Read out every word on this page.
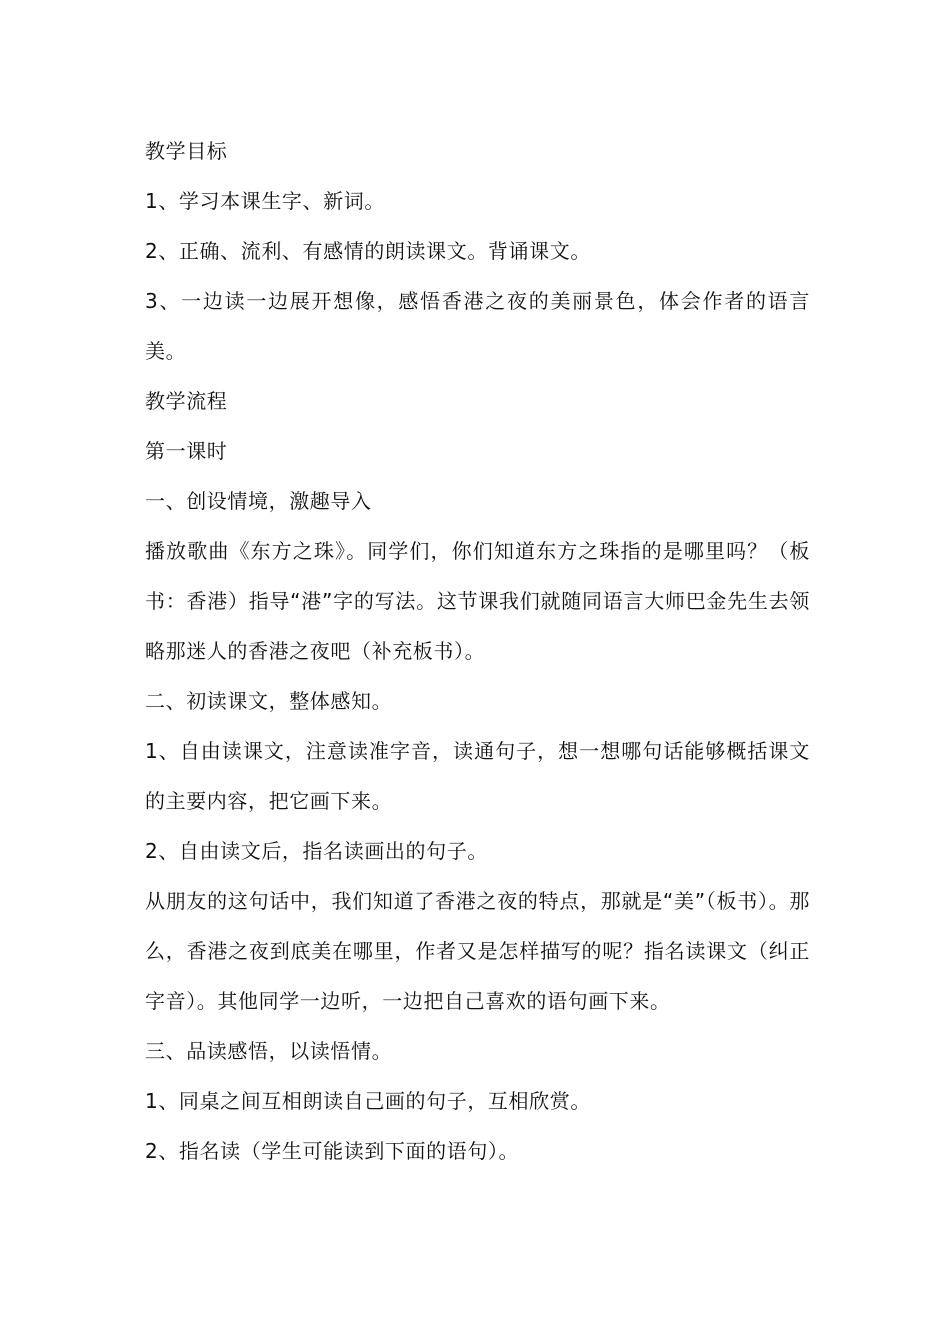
教学目标

1、学习本课生字、新词。

2、正确、流利、有感情的朗读课文。背诵课文。

3、一边读一边展开想像，感悟香港之夜的美丽景色，体会作者的语言美。

教学流程

第一课时

一、创设情境，激趣导入

播放歌曲《东方之珠》。同学们，你们知道东方之珠指的是哪里吗？（板书：香港）指导“港”字的写法。这节课我们就随同语言大师巴金先生去领略那迷人的香港之夜吧（补充板书）。

二、初读课文，整体感知。

1、自由读课文，注意读准字音，读通句子，想一想哪句话能够概括课文的主要内容，把它画下来。

2、自由读文后，指名读画出的句子。

从朋友的这句话中，我们知道了香港之夜的特点，那就是“美”（板书）。那么，香港之夜到底美在哪里，作者又是怎样描写的呢？指名读课文（纠正字音）。其他同学一边听，一边把自己喜欢的语句画下来。

三、品读感悟，以读悟情。

1、同桌之间互相朗读自己画的句子，互相欣赏。

2、指名读（学生可能读到下面的语句）。
